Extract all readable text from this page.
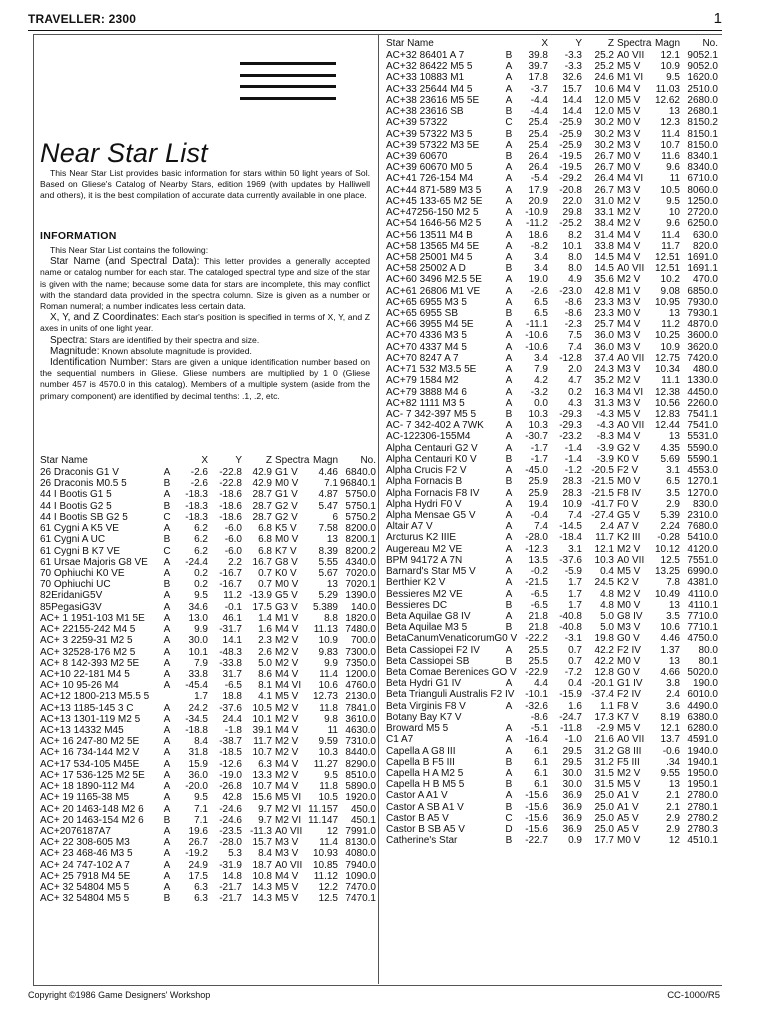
TRAVELLER: 2300	1
Near Star List

This Near Star List provides basic information for stars within 50 light years of Sol. Based on Gliese's Catalog of Nearby Stars, edition 1969 (with updates by Halliwell and others), it is the best compilation of accurate data currently available in one place.

INFORMATION

This Near Star List contains the following:

Star Name (and Spectral Data): This letter provides a generally accepted name or catalog number for each star. The cataloged spectral type and size of the star is given with the name; because some data for stars are incomplete, this may conflict with the standard data provided in the spectra column. Size is given as a number or Roman numeral; a number indicates less certain data.

X, Y, and Z Coordinates: Each star's position is specified in terms of X, Y, and Z axes in units of one light year.

Spectra: Stars are identified by their spectra and size.

Magnitude: Known absolute magnitude is provided.

Identification Number: Stars are given a unique identification number based on the sequential numbers in Gliese. Gliese numbers are multiplied by 1 0 (Gliese number 457 is 4570.0 in this catalog). Members of a multiple system (aside from the primary component) are identified by decimal tenths: .1, .2, etc.

Star Name		X	Y	Z	Spectra	Magn	No.
26 Draconis G1 V	A	-2.6	-22.8	42.9	G1 V	4.46	6840.0
26 Draconis M0.5 5	B	-2.6	-22.8	42.9	M0 V	7.1	96840.1
44 I Bootis G1 5	A	-18.3	-18.6	28.7	G1 V	4.87	5750.0
44 I Bootis G2 5	B	-18.3	-18.6	28.7	G2 V	5.47	5750.1
44 I Bootis SB G2 5	C	-18.3	-18.6	28.7	G2 V	6	5750.2
61 Cygni A K5 VE	A	6.2	-6.0	6.8	K5 V	7.58	8200.0
61 Cygni A UC	B	6.2	-6.0	6.8	M0 V	13	8200.1
61 Cygni B K7 VE	C	6.2	-6.0	6.8	K7 V	8.39	8200.2
61 Ursae Majoris G8 VE	A	-24.4	2.2	16.7	G8 V	5.55	4340.0
70 Ophiuchi K0 VE	A	0.2	-16.7	0.7	K0 V	5.67	7020.0
70 Ophiuchi UC	B	0.2	-16.7	0.7	M0 V	13	7020.1
82EridaniG5V	A	9.5	11.2	-13.9	G5 V	5.29	1390.0
85PegasiG3V	A	34.6	-0.1	17.5	G3 V	5.389	140.0
AC+ 1 1951-103 M1 5E	A	13.0	46.1	1.4	M1 V	8.8	1820.0
AC+ 22155-242 M4 5	A	9.9	-31.7	1.6	M4 V	11.13	7480.0
AC+ 3 2259-31 M2 5	A	30.0	14.1	2.3	M2 V	10.9	700.0
AC+ 32528-176 M2 5	A	10.1	-48.3	2.6	M2 V	9.83	7300.0
AC+ 8 142-393 M2 5E	A	7.9	-33.8	5.0	M2 V	9.9	7350.0
AC+10 22-181 M4 5	A	33.8	31.7	8.6	M4 V	11.4	1200.0
AC+ 10 95-26 M4	A	-45.4	-6.5	8.1	M4 VI	10.6	4760.0
AC+12 1800-213 M5.5 5		1.7	18.8	4.1	M5 V	12.73	2130.0
AC+13 1185-145 3 C	A	24.2	-37.6	10.5	M2 V	11.8	7841.0
AC+13 1301-119 M2 5	A	-34.5	24.4	10.1	M2 V	9.8	3610.0
AC+13 14332 M45	A	-18.8	-1.8	39.1	M4 V	11	4630.0
AC+ 16 247-80 M2 5E	A	8.4	-38.7	11.7	M2 V	9.59	7310.0
AC+ 16 734-144 M2 V	A	31.8	-18.5	10.7	M2 V	10.3	8440.0
AC+17 534-105 M45E	A	15.9	-12.6	6.3	M4 V	11.27	8290.0
AC+ 17 536-125 M2 5E	A	36.0	-19.0	13.3	M2 V	9.5	8510.0
AC+ 18 1890-112 M4	A	-20.0	-26.8	10.7	M4 V	11.8	5890.0
AC+ 19 1165-38 M5	A	9.5	42.8	15.6	M5 VI	10.5	1920.0
AC+ 20 1463-148 M2 6	A	7.1	-24.6	9.7	M2 VI	11.157	450.0
AC+ 20 1463-154 M2 6	B	7.1	-24.6	9.7	M2 VI	11.147	450.1
AC+2076187A7	A	19.6	-23.5	-11.3	A0 VII	12	7991.0
AC+ 22 308-605 M3	A	26.7	-28.0	15.7	M3 V	11.4	8130.0
AC+ 23 468-46 M3 5	A	-19.2	5.3	8.4	M3 V	10.93	4080.0
AC+ 24 747-102 A 7	A	24.9	-31.9	18.7	A0 VII	10.85	7940.0
AC+ 25 7918 M4 5E	A	17.5	14.8	10.8	M4 V	11.12	1090.0
AC+ 32 54804 M5 5	A	6.3	-21.7	14.3	M5 V	12.2	7470.0
AC+ 32 54804 M5 5	B	6.3	-21.7	14.3	M5 V	12.5	7470.1
Star Name		X	Y	Z	Spectra	Magn	No.
AC+32 86401 A 7	B	39.8	-3.3	25.2	A0 VII	12.1	9052.1
AC+32 86422 M5 5	A	39.7	-3.3	25.2	M5 V	10.9	9052.0
AC+33 10883 M1	A	17.8	32.6	24.6	M1 VI	9.5	1620.0
AC+33 25644 M4 5	A	-3.7	15.7	10.6	M4 V	11.03	2510.0
AC+38 23616 M5 5E	A	-4.4	14.4	12.0	M5 V	12.62	2680.0
AC+38 23616 SB	B	-4.4	14.4	12.0	M5 V	13	2680.1
AC+39 57322	C	25.4	-25.9	30.2	M0 V	12.3	8150.2
AC+39 57322 M3 5	B	25.4	-25.9	30.2	M3 V	11.4	8150.1
AC+39 57322 M3 5E	A	25.4	-25.9	30.2	M3 V	10.7	8150.0
AC+39 60670	B	26.4	-19.5	26.7	M0 V	11.6	8340.1
AC+39 60670 M0 5	A	26.4	-19.5	26.7	M0 V	9.6	8340.0
AC+41 726-154 M4	A	-5.4	-29.2	26.4	M4 VI	11	6710.0
AC+44 871-589 M3 5	A	17.9	-20.8	26.7	M3 V	10.5	8060.0
AC+45 133-65 M2 5E	A	20.9	22.0	31.0	M2 V	9.5	1250.0
AC+47256-150 M2 5	A	-10.9	29.8	33.1	M2 V	10	2720.0
AC+54 1646-56 M2 5	A	-11.2	-25.2	38.4	M2 V	9.6	6250.0
AC+56 13511 M4 B	A	18.6	8.2	31.4	M4 V	11.4	630.0
AC+58 13565 M4 5E	A	-8.2	10.1	33.8	M4 V	11.7	820.0
AC+58 25001 M4 5	A	3.4	8.0	14.5	M4 V	12.51	1691.0
AC+58 25002 A D	B	3.4	8.0	14.5	A0 VII	12.51	1691.1
AC+60 3496 M2.5 5E	A	19.0	4.9	35.6	M2 V	10.2	470.0
AC+61 26806 M1 VE	A	-2.6	-23.0	42.8	M1 V	9.08	6850.0
AC+65 6955 M3 5	A	6.5	-8.6	23.3	M3 V	10.95	7930.0
AC+65 6955 SB	B	6.5	-8.6	23.3	M0 V	13	7930.1
AC+66 3955 M4 5E	A	-11.1	-2.3	25.7	M4 V	11.2	4870.0
AC+70 4336 M3 5	A	-10.6	7.5	36.0	M3 V	10.25	3600.0
AC+70 4337 M4 5	A	-10.6	7.4	36.0	M3 V	10.9	3620.0
AC+70 8247 A 7	A	3.4	-12.8	37.4	A0 VII	12.75	7420.0
AC+71 532 M3.5 5E	A	7.9	2.0	24.3	M3 V	10.34	480.0
AC+79 1584 M2	A	4.2	4.7	35.2	M2 V	11.1	1330.0
AC+79 3888 M4 6	A	-3.2	0.2	16.3	M4 VI	12.38	4450.0
AC+82 1111 M3 5	A	0.0	4.3	31.3	M3 V	10.56	2260.0
AC- 7 342-397 M5 5	B	10.3	-29.3	-4.3	M5 V	12.83	7541.1
AC- 7 342-402 A 7WK	A	10.3	-29.3	-4.3	A0 VII	12.44	7541.0
AC-122306-155M4	A	-30.7	-23.2	-8.3	M4 V	13	5531.0
Alpha Centauri G2 V	A	-1.7	-1.4	-3.9	G2 V	4.35	5590.0
Alpha Centauri K0 V	B	-1.7	-1.4	-3.9	K0 V	5.69	5590.1
Alpha Crucis F2 V	A	-45.0	-1.2	-20.5	F2 V	3.1	4553.0
Alpha Fornacis B	B	25.9	28.3	-21.5	M0 V	6.5	1270.1
Alpha Fornacis F8 IV	A	25.9	28.3	-21.5	F8 IV	3.5	1270.0
Alpha Hydri F0 V	A	19.4	10.9	-41.7	F0 V	2.9	830.0
Alpha Mensae G5 V	A	-0.4	7.4	-27.4	G5 V	5.39	2310.0
Altair A7 V	A	7.4	-14.5	2.4	A7 V	2.24	7680.0
Arcturus K2 IIIE	A	-28.0	-18.4	11.7	K2 III	-0.28	5410.0
Augereau M2 VE	A	-12.3	3.1	12.1	M2 V	10.12	4120.0
BPM 94172 A 7N	A	13.5	-37.6	10.3	A0 VII	12.5	7551.0
Barnard's Star M5 V	A	-0.2	-5.9	0.4	M5 V	13.25	6990.0
Berthier K2 V	A	-21.5	1.7	24.5	K2 V	7.8	4381.0
Bessieres M2 VE	A	-6.5	1.7	4.8	M2 V	10.49	4110.0
Bessieres DC	B	-6.5	1.7	4.8	M0 V	13	4110.1
Beta Aquilae G8 IV	A	21.8	-40.8	5.0	G8 IV	3.5	7710.0
Beta Aquilae M3 5	B	21.8	-40.8	5.0	M3 V	10.6	7710.1
BetaCanumVenaticorumG0 V		-22.2	-3.1	19.8	G0 V	4.46	4750.0
Beta Cassiopei F2 IV	A	25.5	0.7	42.2	F2 IV	1.37	80.0
Beta Cassiopei SB	B	25.5	0.7	42.2	M0 V	13	80.1
Beta Comae Berenices GO V		-22.9	-7.2	12.8	G0 V	4.66	5020.0
Beta Hydri G1 IV	A	4.4	0.4	-20.1	G1 IV	3.8	190.0
Beta Trianguli Australis F2 IV		-10.1	-15.9	-37.4	F2 IV	2.4	6010.0
Beta Virginis F8 V	A	-32.6	1.6	1.1	F8 V	3.6	4490.0
Botany Bay K7 V		-8.6	-24.7	17.3	K7 V	8.19	6380.0
Broward M5 5	A	-5.1	-11.8	-2.9	M5 V	12.1	6280.0
C1 A7	A	-16.4	-1.0	21.6	A0 VII	13.7	4591.0
Capella A G8 III	A	6.1	29.5	31.2	G8 III	-0.6	1940.0
Capella B F5 III	B	6.1	29.5	31.2	F5 III	.34	1940.1
Capella H A M2 5	A	6.1	30.0	31.5	M2 V	9.55	1950.0
Capella H B M5 5	B	6.1	30.0	31.5	M5 V	13	1950.1
Castor A A1 V	A	-15.6	36.9	25.0	A1 V	2.1	2780.0
Castor A SB A1 V	B	-15.6	36.9	25.0	A1 V	2.1	2780.1
Castor B A5 V	C	-15.6	36.9	25.0	A5 V	2.9	2780.2
Castor B SB A5 V	D	-15.6	36.9	25.0	A5 V	2.9	2780.3
Catherine's Star	B	-22.7	0.9	17.7	M0 V	12	4510.1
Copyright ©1986 Game Designers' Workshop	CC-1000/R5
